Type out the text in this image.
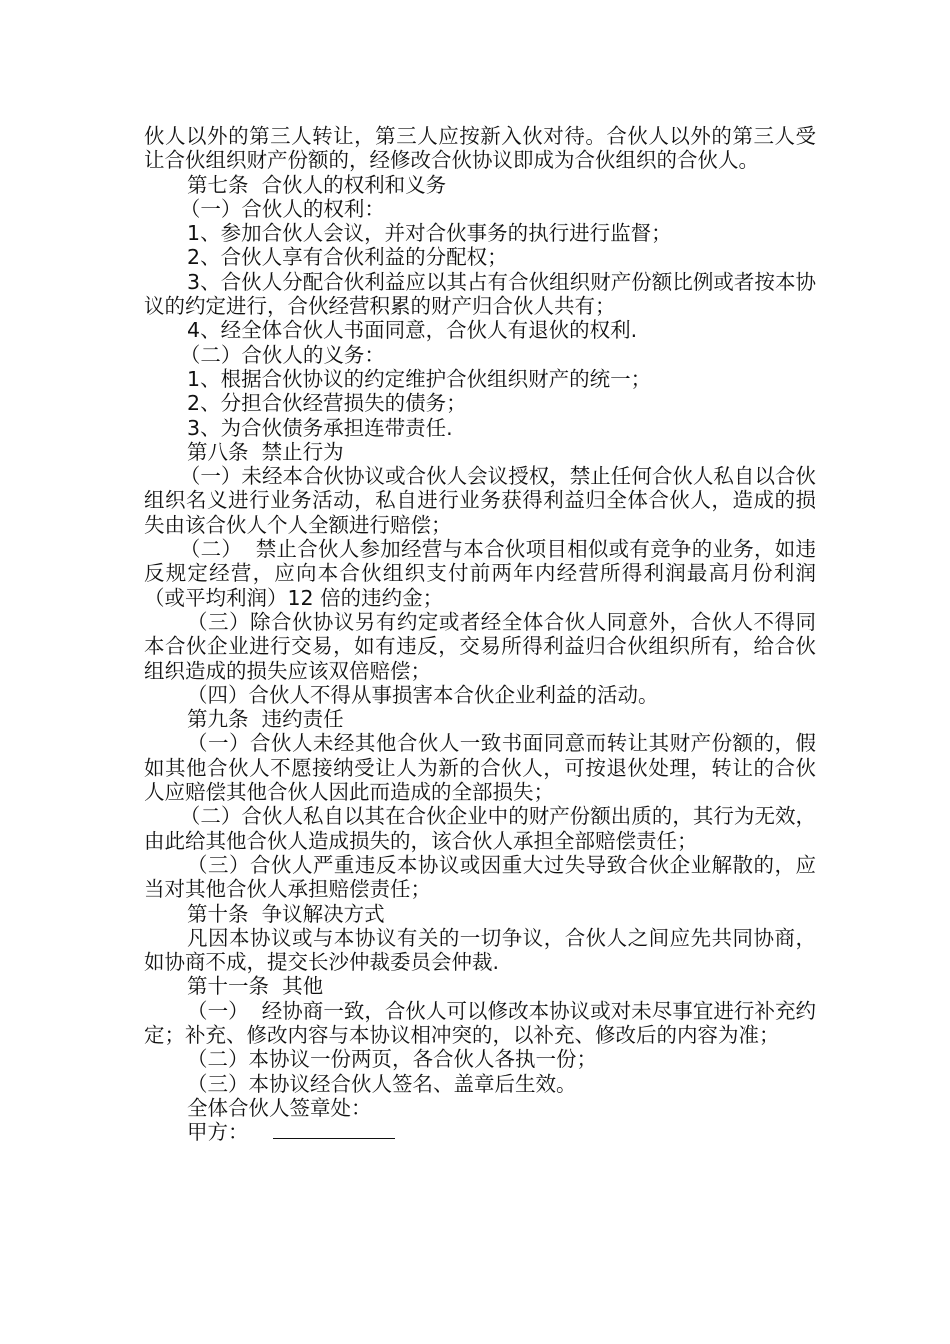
伙人以外的第三人转让，第三人应按新入伙对待。合伙人以外的第三人受让合伙组织财产份额的，经修改合伙协议即成为合伙组织的合伙人。

第七条  合伙人的权利和义务

（一）合伙人的权利：

1、参加合伙人会议，并对合伙事务的执行进行监督；

2、合伙人享有合伙利益的分配权；

3、合伙人分配合伙利益应以其占有合伙组织财产份额比例或者按本协议的约定进行，合伙经营积累的财产归合伙人共有；

4、经全体合伙人书面同意，合伙人有退伙的权利.

（二）合伙人的义务：

1、根据合伙协议的约定维护合伙组织财产的统一；

2、分担合伙经营损失的债务；

3、为合伙债务承担连带责任.

第八条  禁止行为

（一）未经本合伙协议或合伙人会议授权，禁止任何合伙人私自以合伙组织名义进行业务活动，私自进行业务获得利益归全体合伙人，造成的损失由该合伙人个人全额进行赔偿；

（二）  禁止合伙人参加经营与本合伙项目相似或有竞争的业务，如违反规定经营，应向本合伙组织支付前两年内经营所得利润最高月份利润（或平均利润）12 倍的违约金；

（三）除合伙协议另有约定或者经全体合伙人同意外，合伙人不得同本合伙企业进行交易，如有违反，交易所得利益归合伙组织所有，给合伙组织造成的损失应该双倍赔偿；

（四）合伙人不得从事损害本合伙企业利益的活动。

第九条  违约责任

（一）合伙人未经其他合伙人一致书面同意而转让其财产份额的，假如其他合伙人不愿接纳受让人为新的合伙人，可按退伙处理，转让的合伙人应赔偿其他合伙人因此而造成的全部损失；

（二）合伙人私自以其在合伙企业中的财产份额出质的，其行为无效，由此给其他合伙人造成损失的，该合伙人承担全部赔偿责任；

（三）合伙人严重违反本协议或因重大过失导致合伙企业解散的，应当对其他合伙人承担赔偿责任；

第十条  争议解决方式

凡因本协议或与本协议有关的一切争议，合伙人之间应先共同协商，如协商不成，提交长沙仲裁委员会仲裁.

第十一条  其他

（一）  经协商一致，合伙人可以修改本协议或对未尽事宜进行补充约定；补充、修改内容与本协议相冲突的，以补充、修改后的内容为准；

（二）本协议一份两页，各合伙人各执一份；

（三）本协议经合伙人签名、盖章后生效。

全体合伙人签章处：

甲方：
